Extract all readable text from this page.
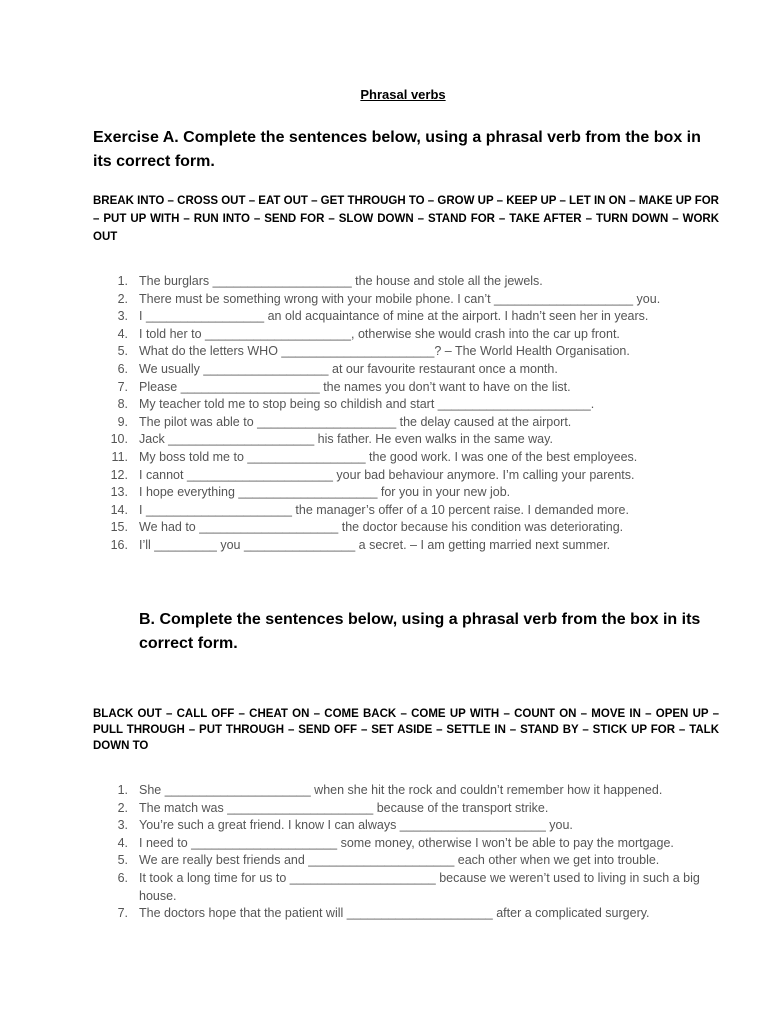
Phrasal verbs
Exercise A. Complete the sentences below, using a phrasal verb from the box in its correct form.
BREAK INTO – CROSS OUT – EAT OUT – GET THROUGH TO – GROW UP – KEEP UP – LET IN ON – MAKE UP FOR – PUT UP WITH – RUN INTO – SEND FOR – SLOW DOWN – STAND FOR – TAKE AFTER – TURN DOWN – WORK OUT
1. The burglars ____________________ the house and stole all the jewels.
2. There must be something wrong with your mobile phone. I can’t ____________________ you.
3. I _________________ an old acquaintance of mine at the airport. I hadn’t seen her in years.
4. I told her to _____________________, otherwise she would crash into the car up front.
5. What do the letters WHO ______________________? – The World Health Organisation.
6. We usually __________________ at our favourite restaurant once a month.
7. Please ____________________ the names you don’t want to have on the list.
8. My teacher told me to stop being so childish and start ______________________.
9. The pilot was able to ____________________ the delay caused at the airport.
10. Jack _____________________ his father. He even walks in the same way.
11. My boss told me to _________________ the good work. I was one of the best employees.
12. I cannot _____________________ your bad behaviour anymore. I’m calling your parents.
13. I hope everything ____________________ for you in your new job.
14. I _____________________ the manager’s offer of a 10 percent raise. I demanded more.
15. We had to ____________________ the doctor because his condition was deteriorating.
16. I’ll _________ you ________________ a secret. – I am getting married next summer.
B. Complete the sentences below, using a phrasal verb from the box in its correct form.
BLACK OUT – CALL OFF – CHEAT ON – COME BACK – COME UP WITH – COUNT ON – MOVE IN – OPEN UP – PULL THROUGH – PUT THROUGH – SEND OFF – SET ASIDE – SETTLE IN – STAND BY – STICK UP FOR – TALK DOWN TO
1. She _____________________ when she hit the rock and couldn’t remember how it happened.
2. The match was _____________________ because of the transport strike.
3. You’re such a great friend. I know I can always _____________________ you.
4. I need to _____________________ some money, otherwise I won’t be able to pay the mortgage.
5. We are really best friends and _____________________ each other when we get into trouble.
6. It took a long time for us to _____________________ because we weren’t used to living in such a big house.
7. The doctors hope that the patient will _____________________ after a complicated surgery.
